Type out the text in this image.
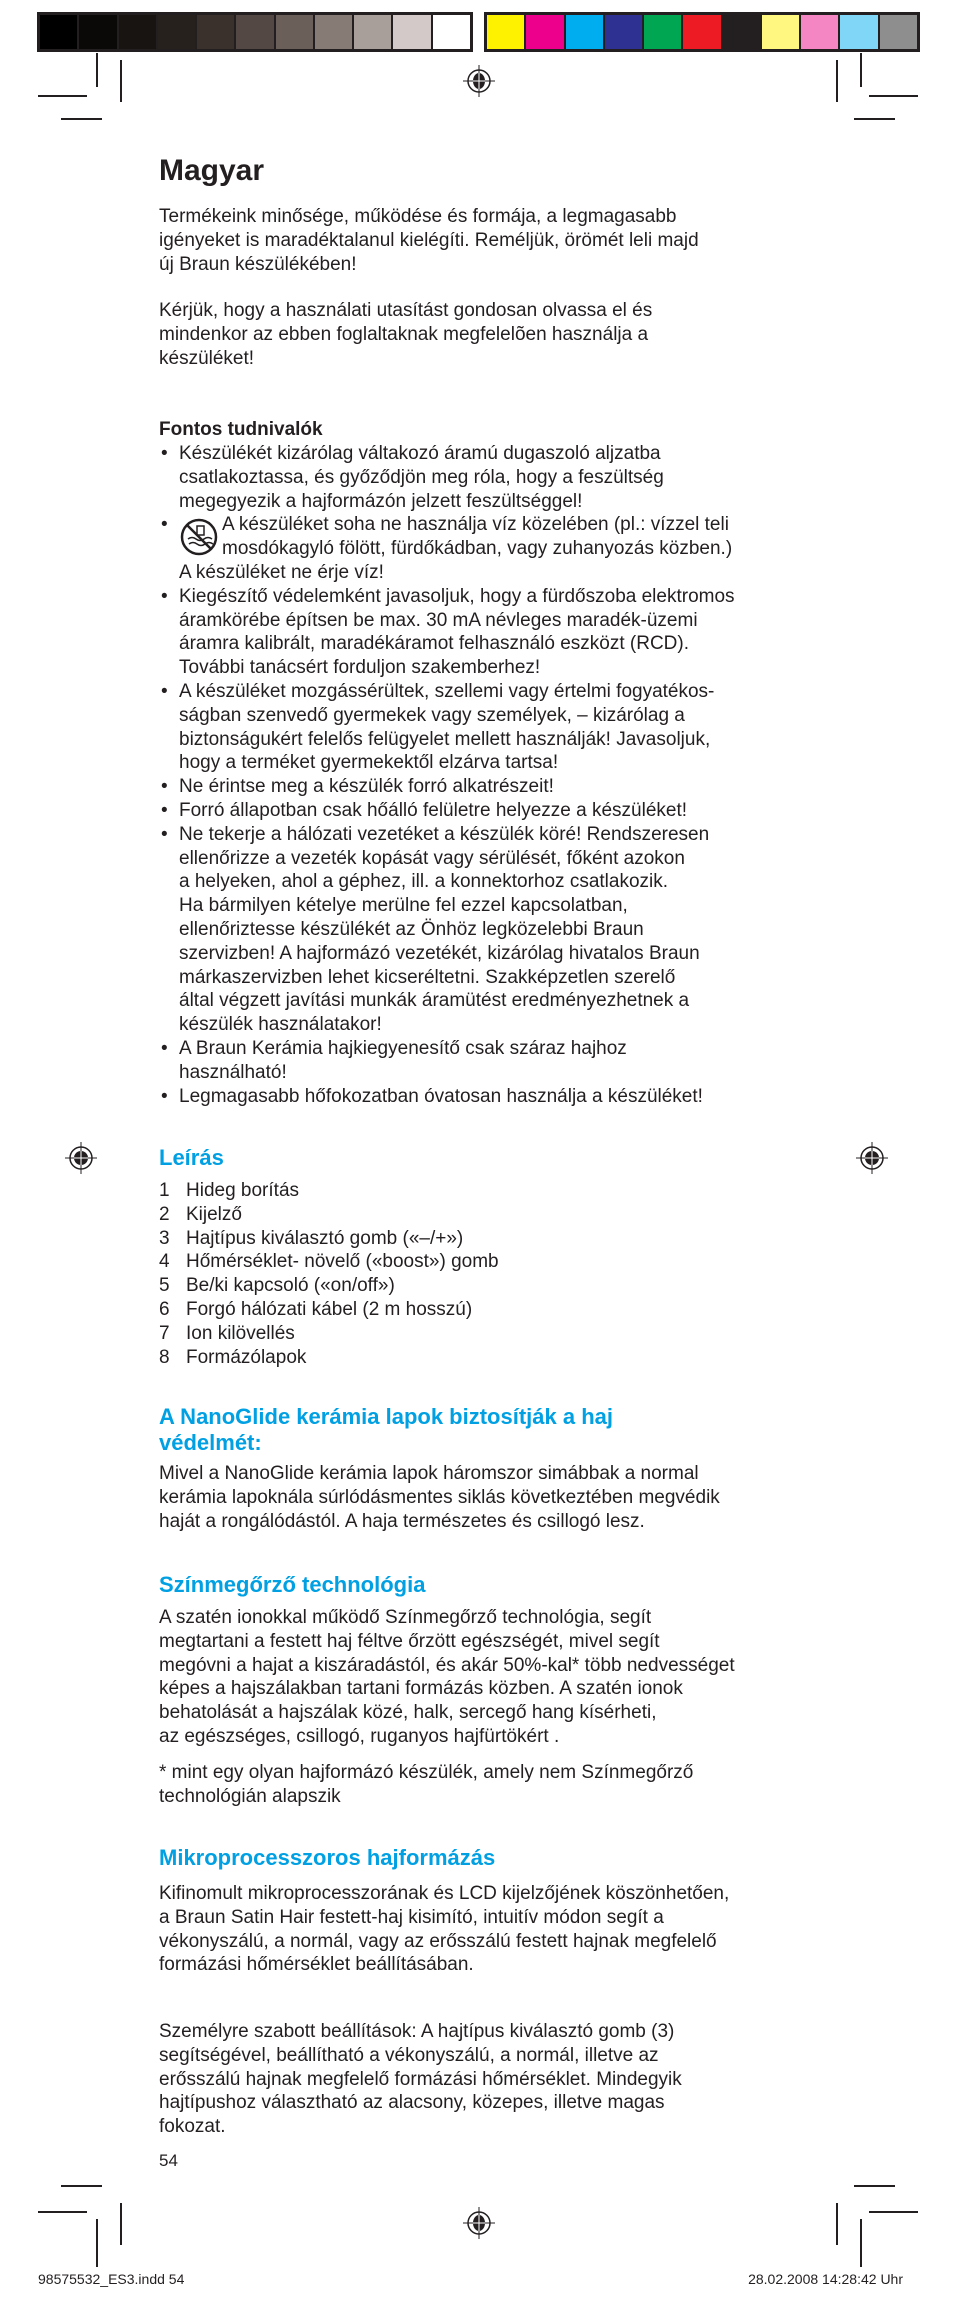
Magyar
Termékeink minősége, működése és formája, a legmagasabb
igényeket is maradéktalanul kielégíti. Reméljük, örömét leli majd
új Braun készülékében!
Kérjük, hogy a használati utasítást gondosan olvassa el és
mindenkor az ebben foglaltaknak megfelelõen használja a
készüléket!
Fontos tudnivalók
• Készülékét kizárólag váltakozó áramú dugaszoló aljzatba
csatlakoztassa, és győződjön meg róla, hogy a feszültség
megegyezik a hajformázón jelzett feszültséggel!
•	A készüléket soha ne használja víz közelében (pl.: vízzel teli
mosdókagyló fölött, fürdőkádban, vagy zuhanyozás közben.)
A készüléket ne érje víz!
• Kiegészítő védelemként javasoljuk, hogy a fürdőszoba elektromos
áramkörébe építsen be max. 30 mA névleges maradék-üzemi
áramra kalibrált, maradékáramot felhasználó eszközt (RCD).
További tanácsért forduljon szakemberhez!
• A készüléket mozgássérültek, szellemi vagy értelmi fogyatékos-
ságban szenvedő gyermekek vagy személyek, – kizárólag a
biztonságukért felelős felügyelet mellett használják! Javasoljuk,
hogy a terméket gyermekektől elzárva tartsa!
• Ne érintse meg a készülék forró alkatrészeit!
• Forró állapotban csak hőálló felületre helyezze a készüléket!
• Ne tekerje a hálózati vezetéket a készülék köré! Rendszeresen
ellenőrizze a vezeték kopását vagy sérülését, főként azokon
a helyeken, ahol a géphez, ill. a konnektorhoz csatlakozik.
Ha bármilyen kételye merülne fel ezzel kapcsolatban,
ellenőriztesse készülékét az Önhöz legközelebbi Braun
szervizben! A hajformázó vezetékét, kizárólag hivatalos Braun
márkaszervizben lehet kicseréltetni. Szakképzetlen szerelő
által végzett javítási munkák áramütést eredményezhetnek a
készülék használatakor!
• A Braun Kerámia hajkiegyenesítő csak száraz hajhoz
használható!
• Legmagasabb hőfokozatban óvatosan használja a készüléket!
Leírás
1 Hideg borítás
2 Kijelző
3 Hajtípus kiválasztó gomb («–/+»)
4 Hőmérséklet- növelő («boost») gomb
5 Be/ki kapcsoló («on/off»)
6 Forgó hálózati kábel (2 m hosszú)
7 Ion kilövellés
8 Formázólapok
A NanoGlide kerámia lapok biztosítják a haj
védelmét:
Mivel a NanoGlide kerámia lapok háromszor simábbak a normal
kerámia lapoknála súrlódásmentes siklás következtében megvédik
haját a rongálódástól. A haja természetes és csillogó lesz.
Színmegőrző technológia
A szatén ionokkal működő Színmegőrző technológia, segít
megtartani a festett haj féltve őrzött egészségét, mivel segít
megóvni a hajat a kiszáradástól, és akár 50%-kal* több nedvességet
képes a hajszálakban tartani formázás közben. A szatén ionok
behatolását a hajszálak közé, halk, sercegő hang kísérheti,
az egészséges, csillogó, ruganyos hajfürtökért .
* mint egy olyan hajformázó készülék, amely nem Színmegőrző
technológián alapszik
Mikroprocesszoros hajformázás
Kifinomult mikroprocesszorának és LCD kijelzőjének köszönhetően,
a Braun Satin Hair festett-haj kisimító, intuitív módon segít a
vékonyszálú, a normál, vagy az erősszálú festett hajnak megfelelő
formázási hőmérséklet beállításában.
Személyre szabott beállítások: A hajtípus kiválasztó gomb (3)
segítségével, beállítható a vékonyszálú, a normál, illetve az
erősszálú hajnak megfelelő formázási hőmérséklet. Mindegyik
hajtípushoz választható az alacsony, közepes, illetve magas
fokozat.
54
98575532_ES3.indd 54	28.02.2008 14:28:42 Uhr
